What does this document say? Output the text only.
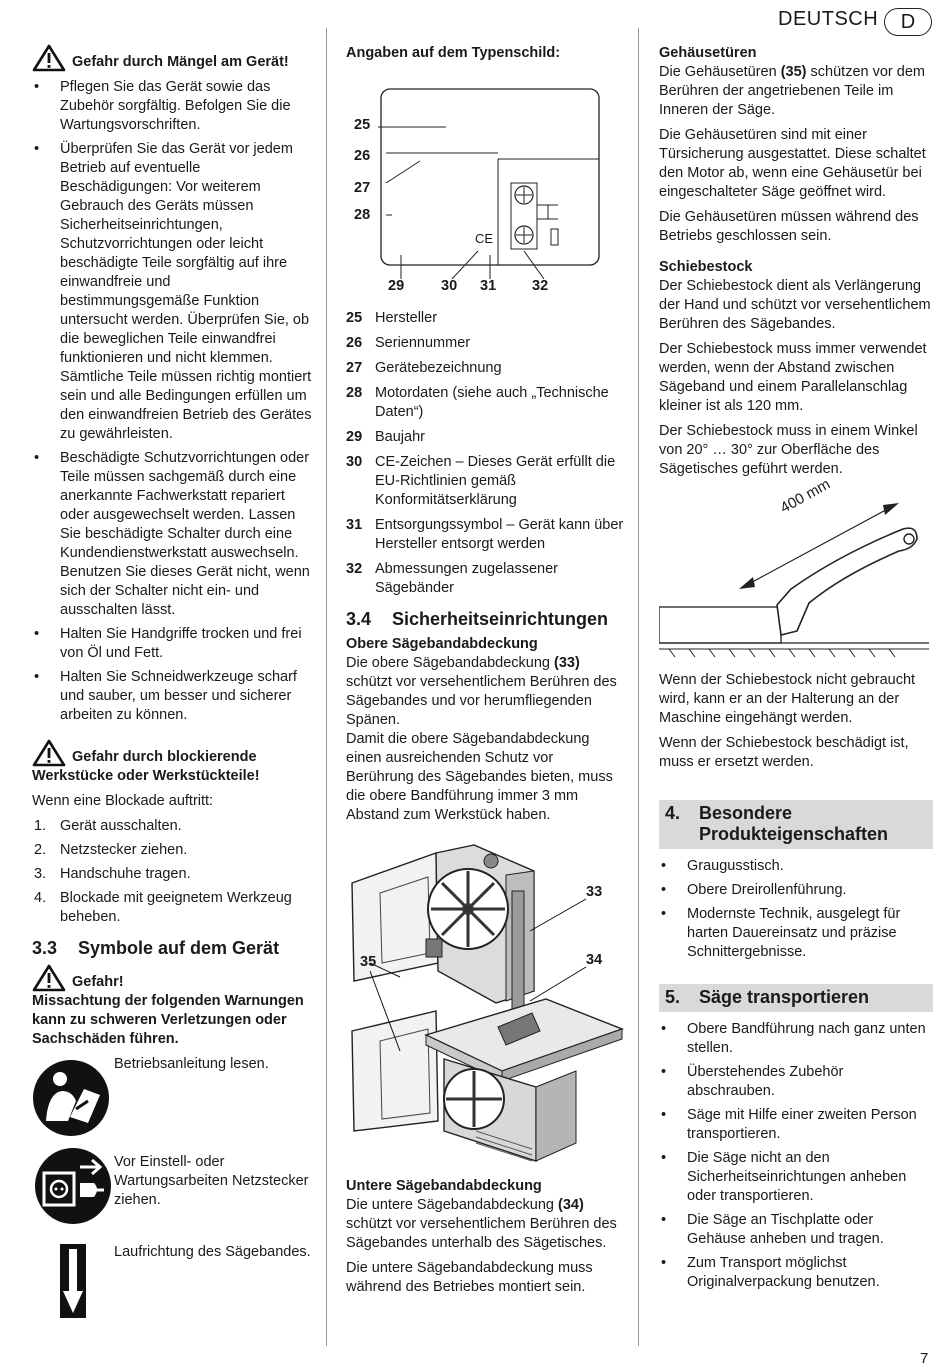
DEUTSCH	D
Gefahr durch Mängel am Gerät!
• Pflegen Sie das Gerät sowie das Zubehör sorgfältig. Befolgen Sie die Wartungsvorschriften.
• Überprüfen Sie das Gerät vor jedem Betrieb auf eventuelle Beschädigungen: Vor weiterem Gebrauch des Geräts müssen Sicherheitseinrichtungen, Schutzvorrichtungen oder leicht beschädigte Teile sorgfältig auf ihre einwandfreie und bestimmungsgemäße Funktion untersucht werden. Überprüfen Sie, ob die beweglichen Teile einwandfrei funktionieren und nicht klemmen. Sämtliche Teile müssen richtig montiert sein und alle Bedingungen erfüllen um den einwandfreien Betrieb des Gerätes zu gewährleisten.
• Beschädigte Schutzvorrichtungen oder Teile müssen sachgemäß durch eine anerkannte Fachwerkstatt repariert oder ausgewechselt werden. Lassen Sie beschädigte Schalter durch eine Kundendienstwerkstatt auswechseln. Benutzen Sie dieses Gerät nicht, wenn sich der Schalter nicht ein- und ausschalten lässt.
• Halten Sie Handgriffe trocken und frei von Öl und Fett.
• Halten Sie Schneidwerkzeuge scharf und sauber, um besser und sicherer arbeiten zu können.
Gefahr durch blockierende Werkstücke oder Werkstückteile!

Wenn eine Blockade auftritt:

1. Gerät ausschalten.
2. Netzstecker ziehen.
3. Handschuhe tragen.
4. Blockade mit geeignetem Werkzeug beheben.
3.3 Symbole auf dem Gerät
Gefahr!
Missachtung der folgenden Warnungen kann zu schweren Verletzungen oder Sachschäden führen.
Betriebsanleitung lesen.
Vor Einstell- oder Wartungsarbeiten Netzstecker ziehen.
Laufrichtung des Sägebandes.
Angaben auf dem Typenschild:
25
26
27
28
CE
29	30 31 32
25 Hersteller
26 Seriennummer
27 Gerätebezeichnung
28 Motordaten (siehe auch „Technische Daten“)
29 Baujahr
30 CE-Zeichen – Dieses Gerät erfüllt die EU-Richtlinien gemäß Konformitätserklärung
31 Entsorgungssymbol – Gerät kann über Hersteller entsorgt werden
32 Abmessungen zugelassener Sägebänder
3.4 Sicherheitseinrichtungen
Obere Sägebandabdeckung

Die obere Sägebandabdeckung (33) schützt vor versehentlichem Berühren des Sägebandes und vor herumfliegenden Spänen.

Damit die obere Sägebandabdeckung einen ausreichenden Schutz vor Berührung des Sägebandes bieten, muss die obere Bandführung immer 3 mm Abstand zum Werkstück haben.

33
34
35
Untere Sägebandabdeckung

Die untere Sägebandabdeckung (34) schützt vor versehentlichem Berühren des Sägebandes unterhalb des Sägetisches.

Die untere Sägebandabdeckung muss während des Betriebes montiert sein.

Gehäusetüren

Die Gehäusetüren (35) schützen vor dem Berühren der angetriebenen Teile im Inneren der Säge.

Die Gehäusetüren sind mit einer Türsicherung ausgestattet. Diese schaltet den Motor ab, wenn eine Gehäusetür bei eingeschalteter Säge geöffnet wird.

Die Gehäusetüren müssen während des Betriebs geschlossen sein.

Schiebestock

Der Schiebestock dient als Verlängerung der Hand und schützt vor versehentlichem Berühren des Sägebandes.

Der Schiebestock muss immer verwendet werden, wenn der Abstand zwischen Sägeband und einem Parallelanschlag kleiner ist als 120 mm.

Der Schiebestock muss in einem Winkel von 20° … 30° zur Oberfläche des Sägetisches geführt werden.

400 mm

Wenn der Schiebestock nicht gebraucht wird, kann er an der Halterung an der Maschine eingehängt werden.

Wenn der Schiebestock beschädigt ist, muss er ersetzt werden.

4.	Besondere Produkteigenschaften
• Graugusstisch.
• Obere Dreirollenführung.
• Modernste Technik, ausgelegt für harten Dauereinsatz und präzise Schnittergebnisse.
5.	Säge transportieren
• Obere Bandführung nach ganz unten stellen.
• Überstehendes Zubehör abschrauben.
• Säge mit Hilfe einer zweiten Person transportieren.
• Die Säge nicht an den Sicherheitseinrichtungen anheben oder transportieren.
• Die Säge an Tischplatte oder Gehäuse anheben und tragen.
• Zum Transport möglichst Originalverpackung benutzen.
7
